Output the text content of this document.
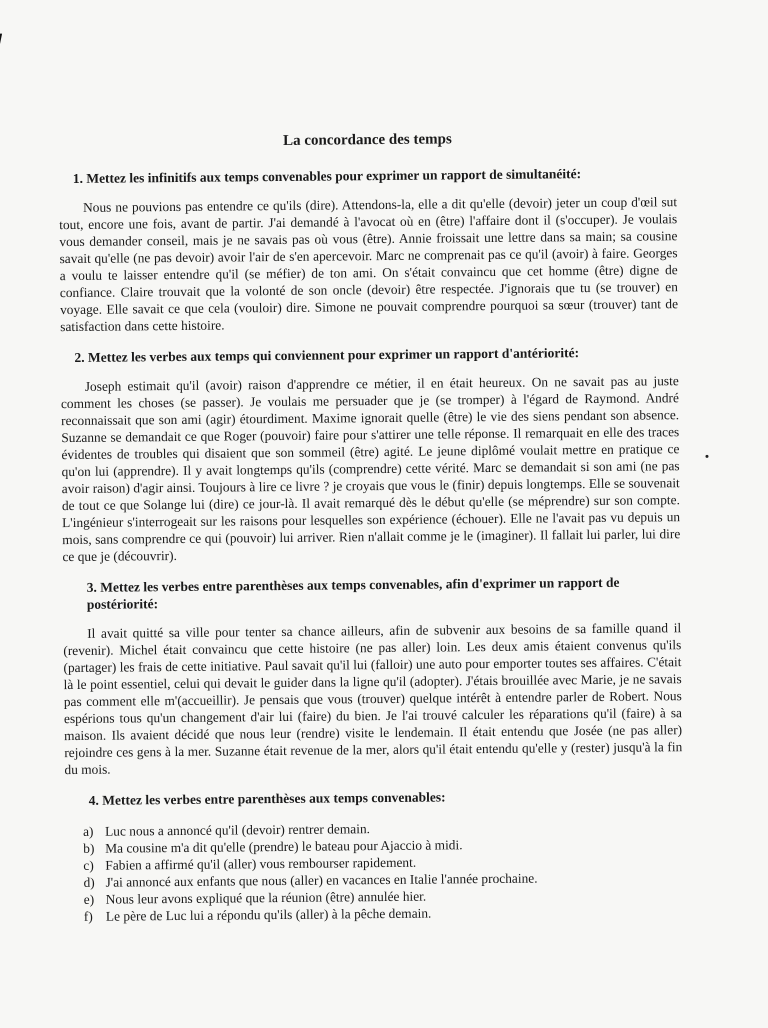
La concordance des temps
1. Mettez les infinitifs aux temps convenables pour exprimer un rapport de simultanéité:

Nous ne pouvions pas entendre ce qu'ils (dire). Attendons-la, elle a dit qu'elle (devoir) jeter un coup d'œil sut tout, encore une fois, avant de partir. J'ai demandé à l'avocat où en (être) l'affaire dont il (s'occuper). Je voulais vous demander conseil, mais je ne savais pas où vous (être). Annie froissait une lettre dans sa main; sa cousine savait qu'elle (ne pas devoir) avoir l'air de s'en apercevoir. Marc ne comprenait pas ce qu'il (avoir) à faire. Georges a voulu te laisser entendre qu'il (se méfier) de ton ami. On s'était convaincu que cet homme (être) digne de confiance. Claire trouvait que la volonté de son oncle (devoir) être respectée. J'ignorais que tu (se trouver) en voyage. Elle savait ce que cela (vouloir) dire. Simone ne pouvait comprendre pourquoi sa sœur (trouver) tant de satisfaction dans cette histoire.

2. Mettez les verbes aux temps qui conviennent pour exprimer un rapport d'antériorité:

Joseph estimait qu'il (avoir) raison d'apprendre ce métier, il en était heureux. On ne savait pas au juste comment les choses (se passer). Je voulais me persuader que je (se tromper) à l'égard de Raymond. André reconnaissait que son ami (agir) étourdiment. Maxime ignorait quelle (être) le vie des siens pendant son absence. Suzanne se demandait ce que Roger (pouvoir) faire pour s'attirer une telle réponse. Il remarquait en elle des traces évidentes de troubles qui disaient que son sommeil (être) agité. Le jeune diplômé voulait mettre en pratique ce qu'on lui (apprendre). Il y avait longtemps qu'ils (comprendre) cette vérité. Marc se demandait si son ami (ne pas avoir raison) d'agir ainsi. Toujours à lire ce livre ? je croyais que vous le (finir) depuis longtemps. Elle se souvenait de tout ce que Solange lui (dire) ce jour-là. Il avait remarqué dès le début qu'elle (se méprendre) sur son compte. L'ingénieur s'interrogeait sur les raisons pour lesquelles son expérience (échouer). Elle ne l'avait pas vu depuis un mois, sans comprendre ce qui (pouvoir) lui arriver. Rien n'allait comme je le (imaginer). Il fallait lui parler, lui dire ce que je (découvrir).

3. Mettez les verbes entre parenthèses aux temps convenables, afin d'exprimer un rapport de postériorité:

Il avait quitté sa ville pour tenter sa chance ailleurs, afin de subvenir aux besoins de sa famille quand il (revenir). Michel était convaincu que cette histoire (ne pas aller) loin. Les deux amis étaient convenus qu'ils (partager) les frais de cette initiative. Paul savait qu'il lui (falloir) une auto pour emporter toutes ses affaires. C'était là le point essentiel, celui qui devait le guider dans la ligne qu'il (adopter). J'étais brouillée avec Marie, je ne savais pas comment elle m'(accueillir). Je pensais que vous (trouver) quelque intérêt à entendre parler de Robert. Nous espérions tous qu'un changement d'air lui (faire) du bien. Je l'ai trouvé calculer les réparations qu'il (faire) à sa maison. Ils avaient décidé que nous leur (rendre) visite le lendemain. Il était entendu que Josée (ne pas aller) rejoindre ces gens à la mer. Suzanne était revenue de la mer, alors qu'il était entendu qu'elle y (rester) jusqu'à la fin du mois.

4. Mettez les verbes entre parenthèses aux temps convenables:
a) Luc nous a annoncé qu'il (devoir) rentrer demain.
b) Ma cousine m'a dit qu'elle (prendre) le bateau pour Ajaccio à midi.
c) Fabien a affirmé qu'il (aller) vous rembourser rapidement.
d) J'ai annoncé aux enfants que nous (aller) en vacances en Italie l'année prochaine.
e) Nous leur avons expliqué que la réunion (être) annulée hier.
f) Le père de Luc lui a répondu qu'ils (aller) à la pêche demain.
